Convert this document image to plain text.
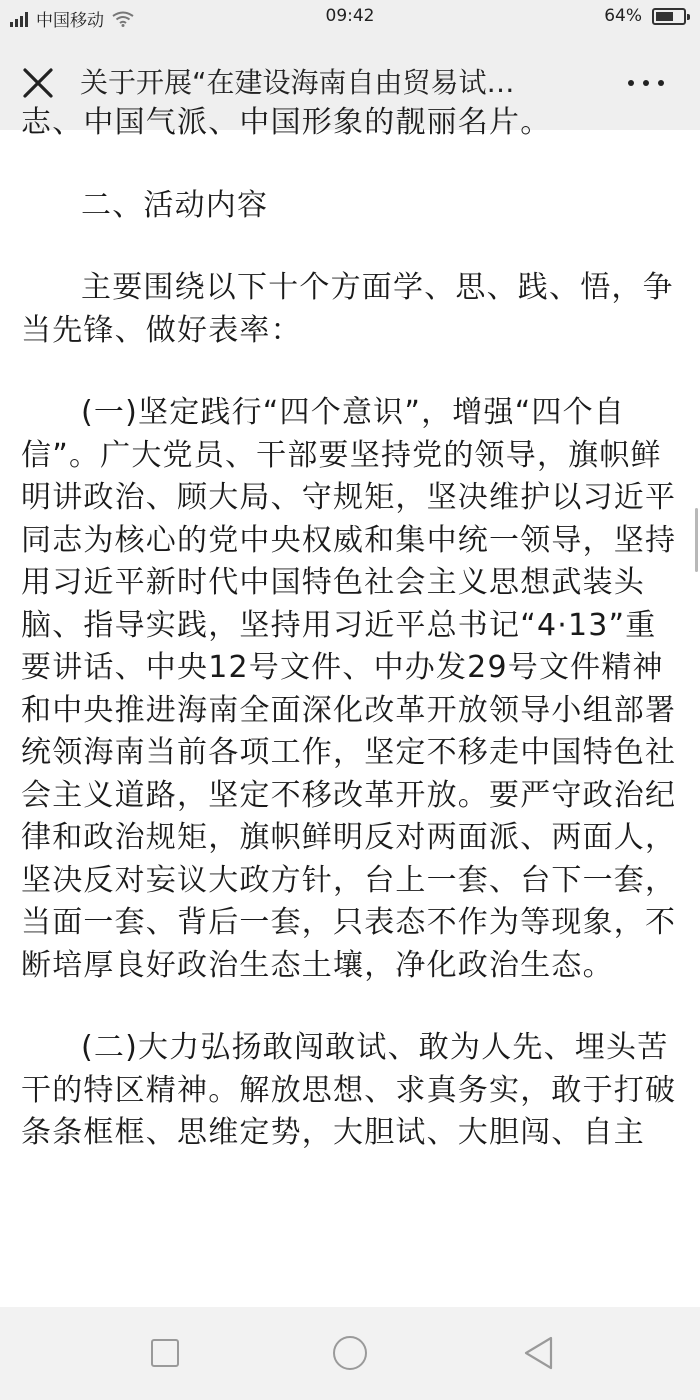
中国移动	09:42	64%
关于开展“在建设海南自由贸易试…

志、中国气派、中国形象的靓丽名片。

二、活动内容

主要围绕以下十个方面学、思、践、悟，争当先锋、做好表率：

(一)坚定践行“四个意识”，增强“四个自信”。广大党员、干部要坚持党的领导，旗帜鲜明讲政治、顾大局、守规矩，坚决维护以习近平同志为核心的党中央权威和集中统一领导，坚持用习近平新时代中国特色社会主义思想武装头脑、指导实践，坚持用习近平总书记“4·13”重要讲话、中央12号文件、中办发29号文件精神和中央推进海南全面深化改革开放领导小组部署统领海南当前各项工作，坚定不移走中国特色社会主义道路，坚定不移改革开放。要严守政治纪律和政治规矩，旗帜鲜明反对两面派、两面人，坚决反对妄议大政方针，台上一套、台下一套，当面一套、背后一套，只表态不作为等现象，不断培厚良好政治生态土壤，净化政治生态。

(二)大力弘扬敢闯敢试、敢为人先、埋头苦干的特区精神。解放思想、求真务实，敢于打破条条框框、思维定势，大胆试、大胆闯、自主
